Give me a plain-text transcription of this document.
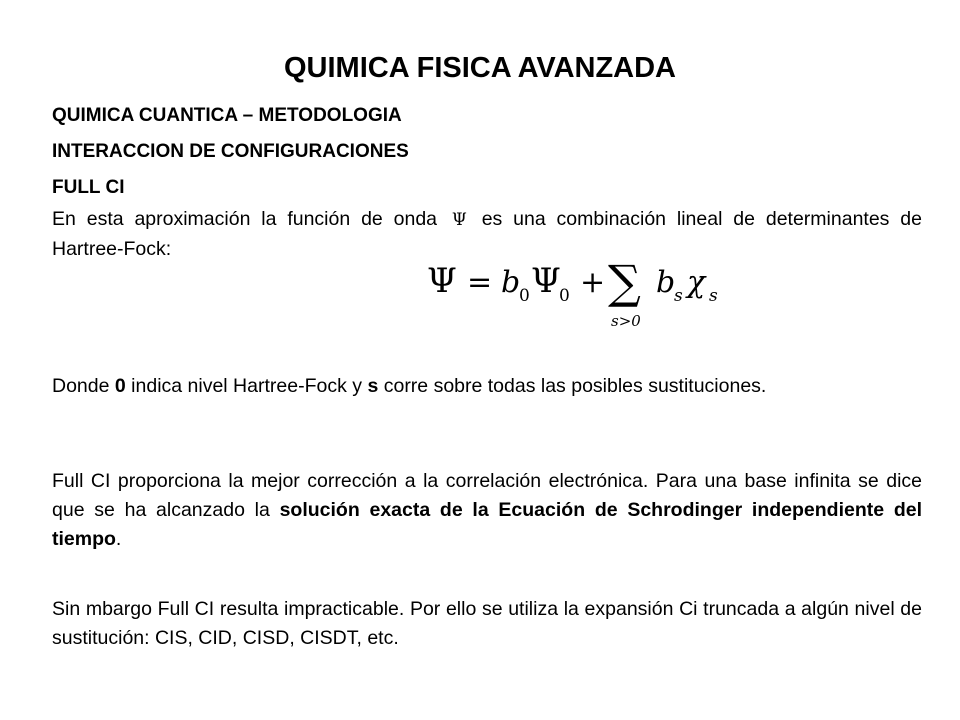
QUIMICA FISICA AVANZADA
QUIMICA CUANTICA – METODOLOGIA
INTERACCION DE CONFIGURACIONES
FULL CI
En esta aproximación la función de onda Ψ es una combinación lineal de determinantes de Hartree-Fock:
Ψ = b
0 Ψ
0 + ∑
s>0
b
s χ s
Donde 0 indica nivel Hartree-Fock y s corre sobre todas las posibles sustituciones.
Full CI proporciona la mejor corrección a la correlación electrónica. Para una base infinita se dice que se ha alcanzado la solución exacta de la Ecuación de Schrodinger independiente del tiempo.
Sin mbargo Full CI resulta impracticable. Por ello se utiliza la expansión Ci truncada a algún nivel de sustitución: CIS, CID, CISD, CISDT, etc.
